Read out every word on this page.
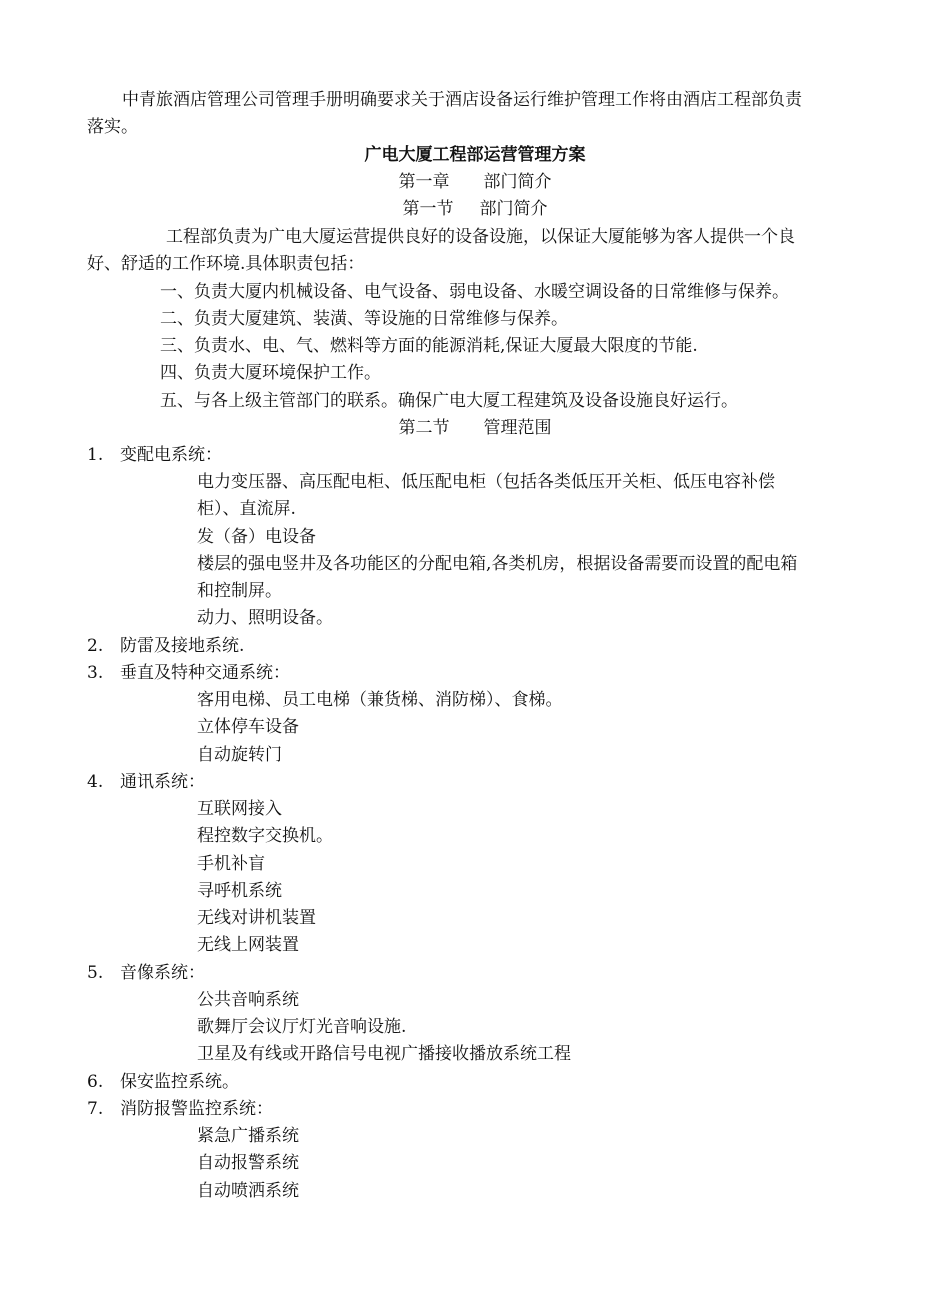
中青旅酒店管理公司管理手册明确要求关于酒店设备运行维护管理工作将由酒店工程部负责
落实。
广电大厦工程部运营管理方案
第一章 部门简介
第一节 部门简介
工程部负责为广电大厦运营提供良好的设备设施，以保证大厦能够为客人提供一个良
好、舒适的工作环境.具体职责包括：
一、负责大厦内机械设备、电气设备、弱电设备、水暖空调设备的日常维修与保养。
二、负责大厦建筑、装潢、等设施的日常维修与保养。
三、负责水、电、气、燃料等方面的能源消耗,保证大厦最大限度的节能.
四、负责大厦环境保护工作。
五、与各上级主管部门的联系。确保广电大厦工程建筑及设备设施良好运行。
第二节 管理范围
1. 变配电系统：
电力变压器、高压配电柜、低压配电柜（包括各类低压开关柜、低压电容补偿
柜）、直流屏.
发（备）电设备
楼层的强电竖井及各功能区的分配电箱,各类机房，根据设备需要而设置的配电箱
和控制屏。
动力、照明设备。
2. 防雷及接地系统.
3. 垂直及特种交通系统：
客用电梯、员工电梯（兼货梯、消防梯）、食梯。
立体停车设备
自动旋转门
4. 通讯系统：
互联网接入
程控数字交换机。
手机补盲
寻呼机系统
无线对讲机装置
无线上网装置
5. 音像系统：
公共音响系统
歌舞厅会议厅灯光音响设施.
卫星及有线或开路信号电视广播接收播放系统工程
6. 保安监控系统。
7. 消防报警监控系统：
紧急广播系统
自动报警系统
自动喷洒系统
